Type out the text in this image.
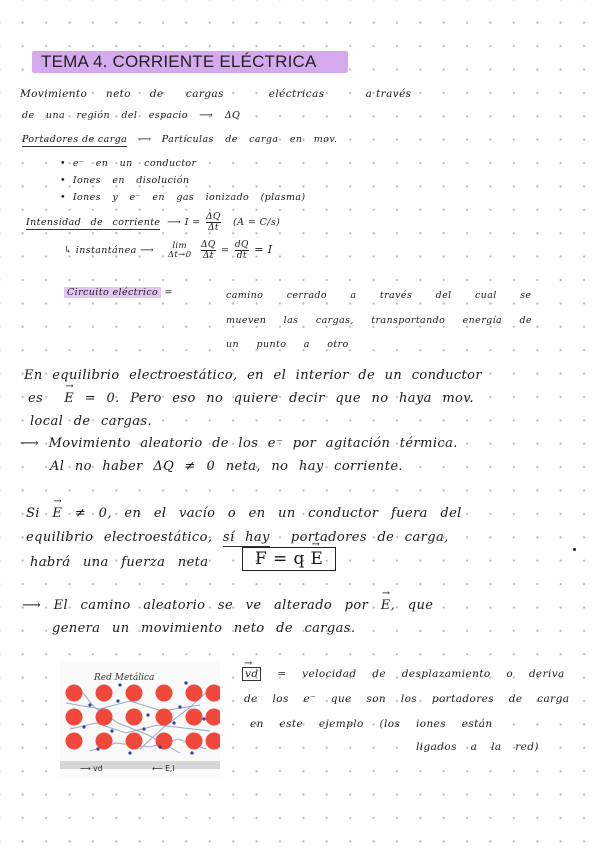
TEMA 4. CORRIENTE ELÉCTRICA
Movimiento neto de cargas	eléctricas	a través
de una región del espacio ⟶ ΔQ
Portadores de carga ⟶ Partículas de carga en mov.
•  e⁻ en un conductor
•  Iones en disolución
•  Iones y e⁻ en gas ionizado (plasma)
Intensidad de corriente ⟶ $I = \frac{\Delta Q}{\Delta t} (A = C/s)$
↳ instantánea ⟶	lim
Δt→0
$\frac{\Delta Q}{\Delta t} = \frac{dQ}{dt} = I$
Circuito eléctrico =	camino cerrado a través del cual se
mueven las cargas, transportando energía de
un punto a otro
En equilibrio electroestático, en el interior de un conductor
es → E = 0. Pero eso no quiere decir que no haya mov.
local de cargas.
⟶ Movimiento aleatorio de los e⁻ por agitación térmica.
Al no haber ΔQ ≠ 0 neta, no hay corriente.
Si → E ≠ 0, en el vacío o en un conductor fuera del
equilibrio electroestático, sí hay portadores de carga,
habrá una fuerza neta	F = q → E
⟶ El camino aleatorio se ve alterado por → E, que
genera un movimiento neto de cargas.
→ vd = velocidad de desplazamiento o deriva
de los e⁻ que son los portadores de carga
en este ejemplo (los iones están
ligados a la red)
Red Metálica
⟶ vd	⟵ E,I
